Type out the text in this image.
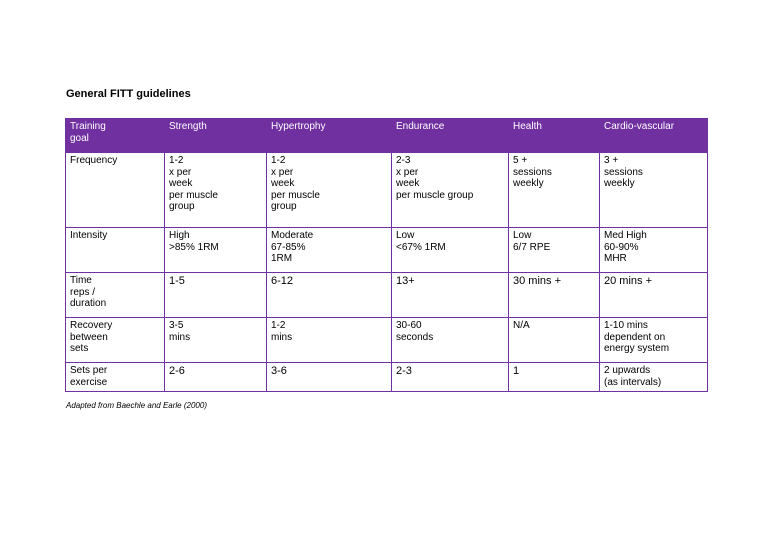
General FITT guidelines
Training
goal	Strength	Hypertrophy	Endurance	Health	Cardio-vascular
Frequency	1-2
x per
week
per muscle
group	1-2
x per
week
per muscle
group	2-3
x per
week
per muscle group	5 +
sessions
weekly	3 +
sessions
weekly
Intensity	High
>85% 1RM	Moderate
67-85%
1RM	Low
<67% 1RM	Low
6/7 RPE	Med High
60-90%
MHR
Time
reps /
duration	1-5	6-12	13+	30 mins +	20 mins +
Recovery
between
sets	3-5
mins	1-2
mins	30-60
seconds	N/A	1-10 mins
dependent on
energy system
Sets per
exercise	2-6	3-6	2-3	1	2 upwards
(as intervals)
Adapted from Baechle and Earle (2000)
